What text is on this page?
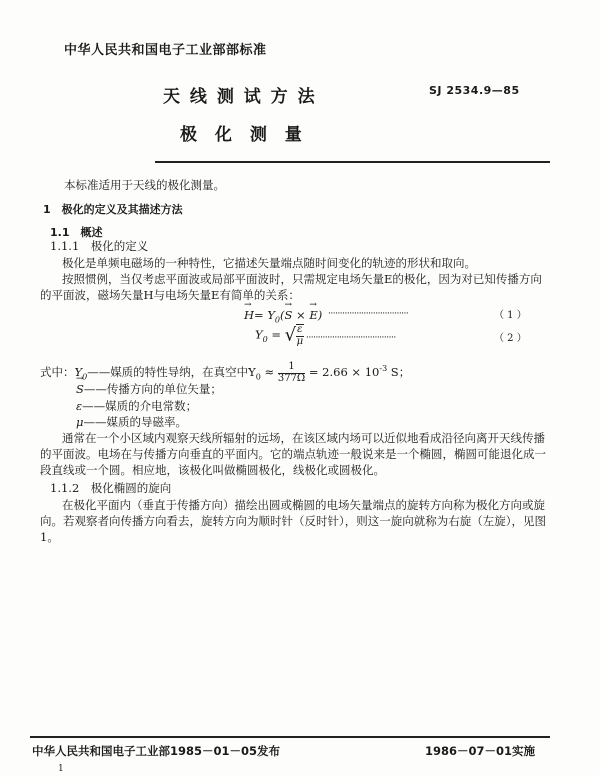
中华人民共和国电子工业部部标准
天 线 测 试 方 法
极 化 测 量
SJ 2534.9—85
本标准适用于天线的极化测量。
1　极化的定义及其描述方法
1.1　概述
1.1.1　极化的定义
极化是单频电磁场的一种特性，它描述矢量端点随时间变化的轨迹的形状和取向。
按照惯例，当仅考虑平面波或局部平面波时，只需规定电场矢量E的极化，因为对已知传播方向
的平面波，磁场矢量H与电场矢量E有简单的关系：
→ $H= Y_0(\to S$ × → E) ··································	（ 1 ）
$Y_0$ = √ $\frac{\varepsilon}{\mu}$ ······································	（ 2 ）
式中：$Y_0——$媒质的特性导纳，在真空中$Y_0 \approx \frac{1}{377\Omega} = 2.66 \times 10^{-3}$ S；
→ S——传播方向的单位矢量；
ε——媒质的介电常数；
μ——媒质的导磁率。
通常在一个小区域内观察天线所辐射的远场，在该区域内场可以近似地看成沿径向离开天线传播
的平面波。电场在与传播方向垂直的平面内。它的端点轨迹一般说来是一个椭圆，椭圆可能退化成一
段直线或一个圆。相应地，该极化叫做椭圆极化，线极化或圆极化。
1.1.2　极化椭圆的旋向
在极化平面内（垂直于传播方向）描绘出圆或椭圆的电场矢量端点的旋转方向称为极化方向或旋
向。若观察者向传播方向看去，旋转方向为顺时针（反时针），则这一旋向就称为右旋（左旋），见图
1。
中华人民共和国电子工业部1985－01－05发布	1986－07－01实施
1
